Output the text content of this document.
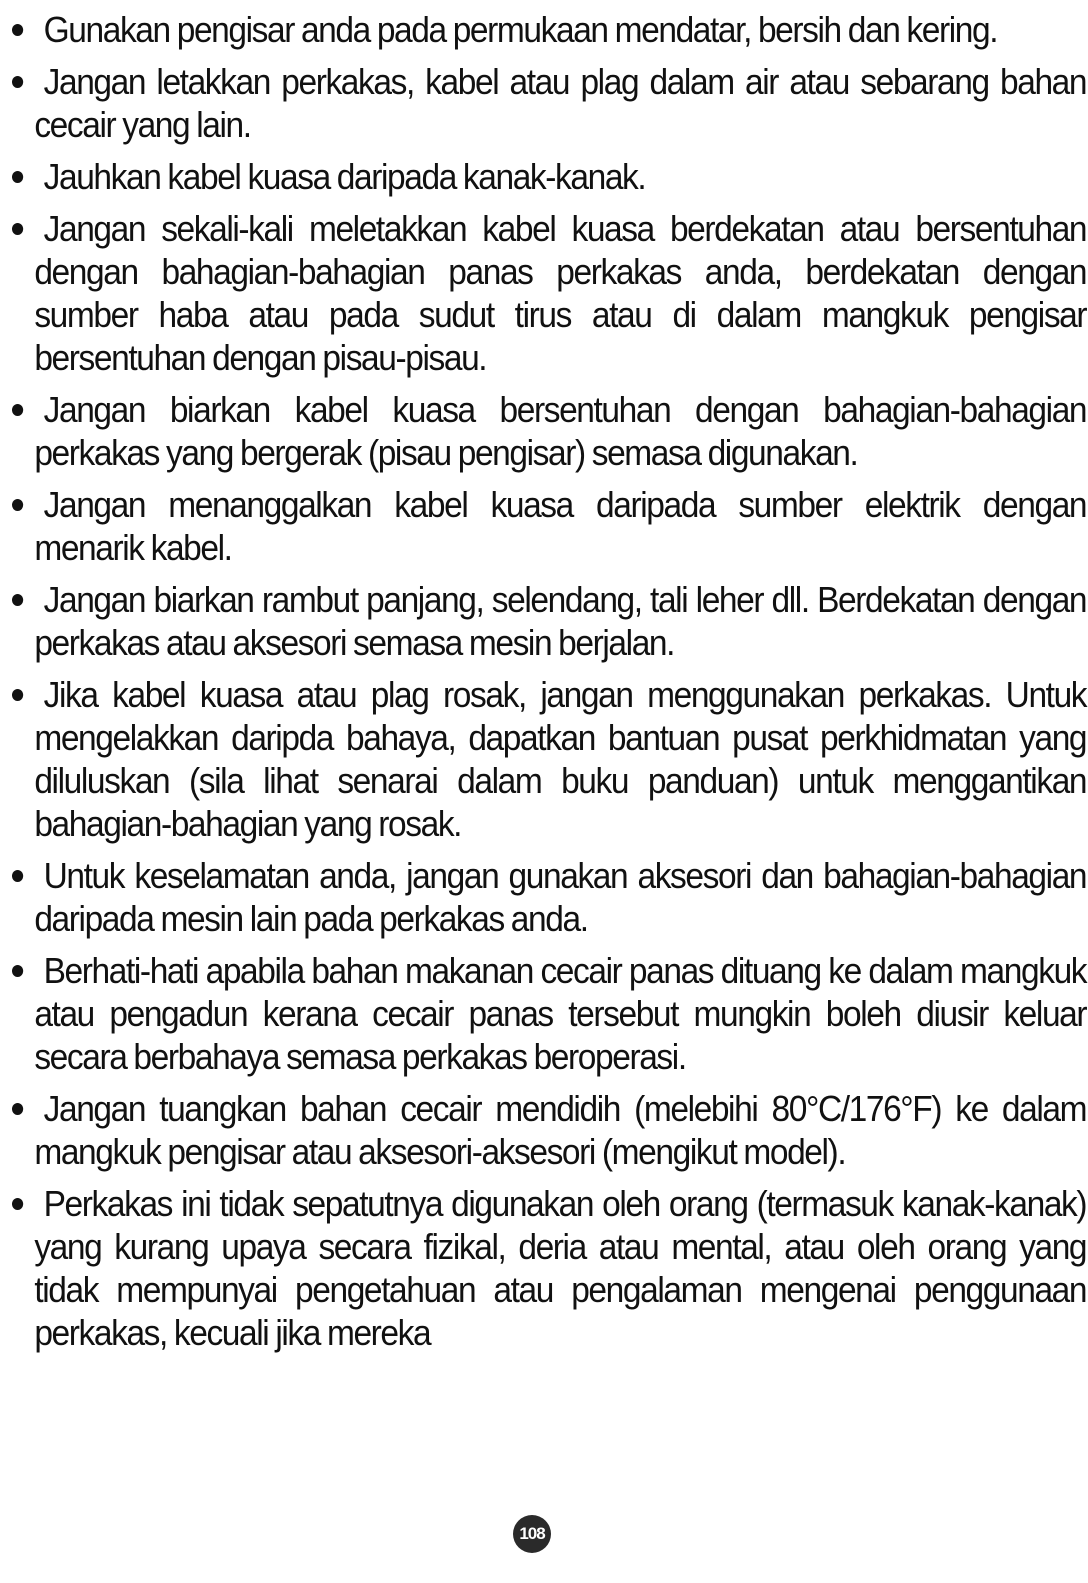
Gunakan pengisar anda pada permukaan mendatar, bersih dan kering.
Jangan letakkan perkakas, kabel atau plag dalam air atau sebarang bahan cecair yang lain.
Jauhkan kabel kuasa daripada kanak-kanak.
Jangan sekali-kali meletakkan kabel kuasa berdekatan atau bersentuhan dengan bahagian-bahagian panas perkakas anda, berdekatan dengan sumber haba atau pada sudut tirus atau di dalam mangkuk pengisar bersentuhan dengan pisau-pisau.
Jangan biarkan kabel kuasa bersentuhan dengan bahagian-bahagian perkakas yang bergerak (pisau pengisar) semasa digunakan.
Jangan menanggalkan kabel kuasa daripada sumber elektrik dengan menarik kabel.
Jangan biarkan rambut panjang, selendang, tali leher dll. Berdekatan dengan perkakas atau aksesori semasa mesin berjalan.
Jika kabel kuasa atau plag rosak, jangan menggunakan perkakas. Untuk mengelakkan daripda bahaya, dapatkan bantuan pusat perkhidmatan yang diluluskan (sila lihat senarai dalam buku panduan) untuk menggantikan bahagian-bahagian yang rosak.
Untuk keselamatan anda, jangan gunakan aksesori dan bahagian-bahagian daripada mesin lain pada perkakas anda.
Berhati-hati apabila bahan makanan cecair panas dituang ke dalam mangkuk atau pengadun kerana cecair panas tersebut mungkin boleh diusir keluar secara berbahaya semasa perkakas beroperasi.
Jangan tuangkan bahan cecair mendidih (melebihi 80°C/176°F) ke dalam mangkuk pengisar atau aksesori-aksesori (mengikut model).
Perkakas ini tidak sepatutnya digunakan oleh orang (termasuk kanak-kanak) yang kurang upaya secara fizikal, deria atau mental, atau oleh orang yang tidak mempunyai pengetahuan atau pengalaman mengenai penggunaan perkakas, kecuali jika mereka
108
